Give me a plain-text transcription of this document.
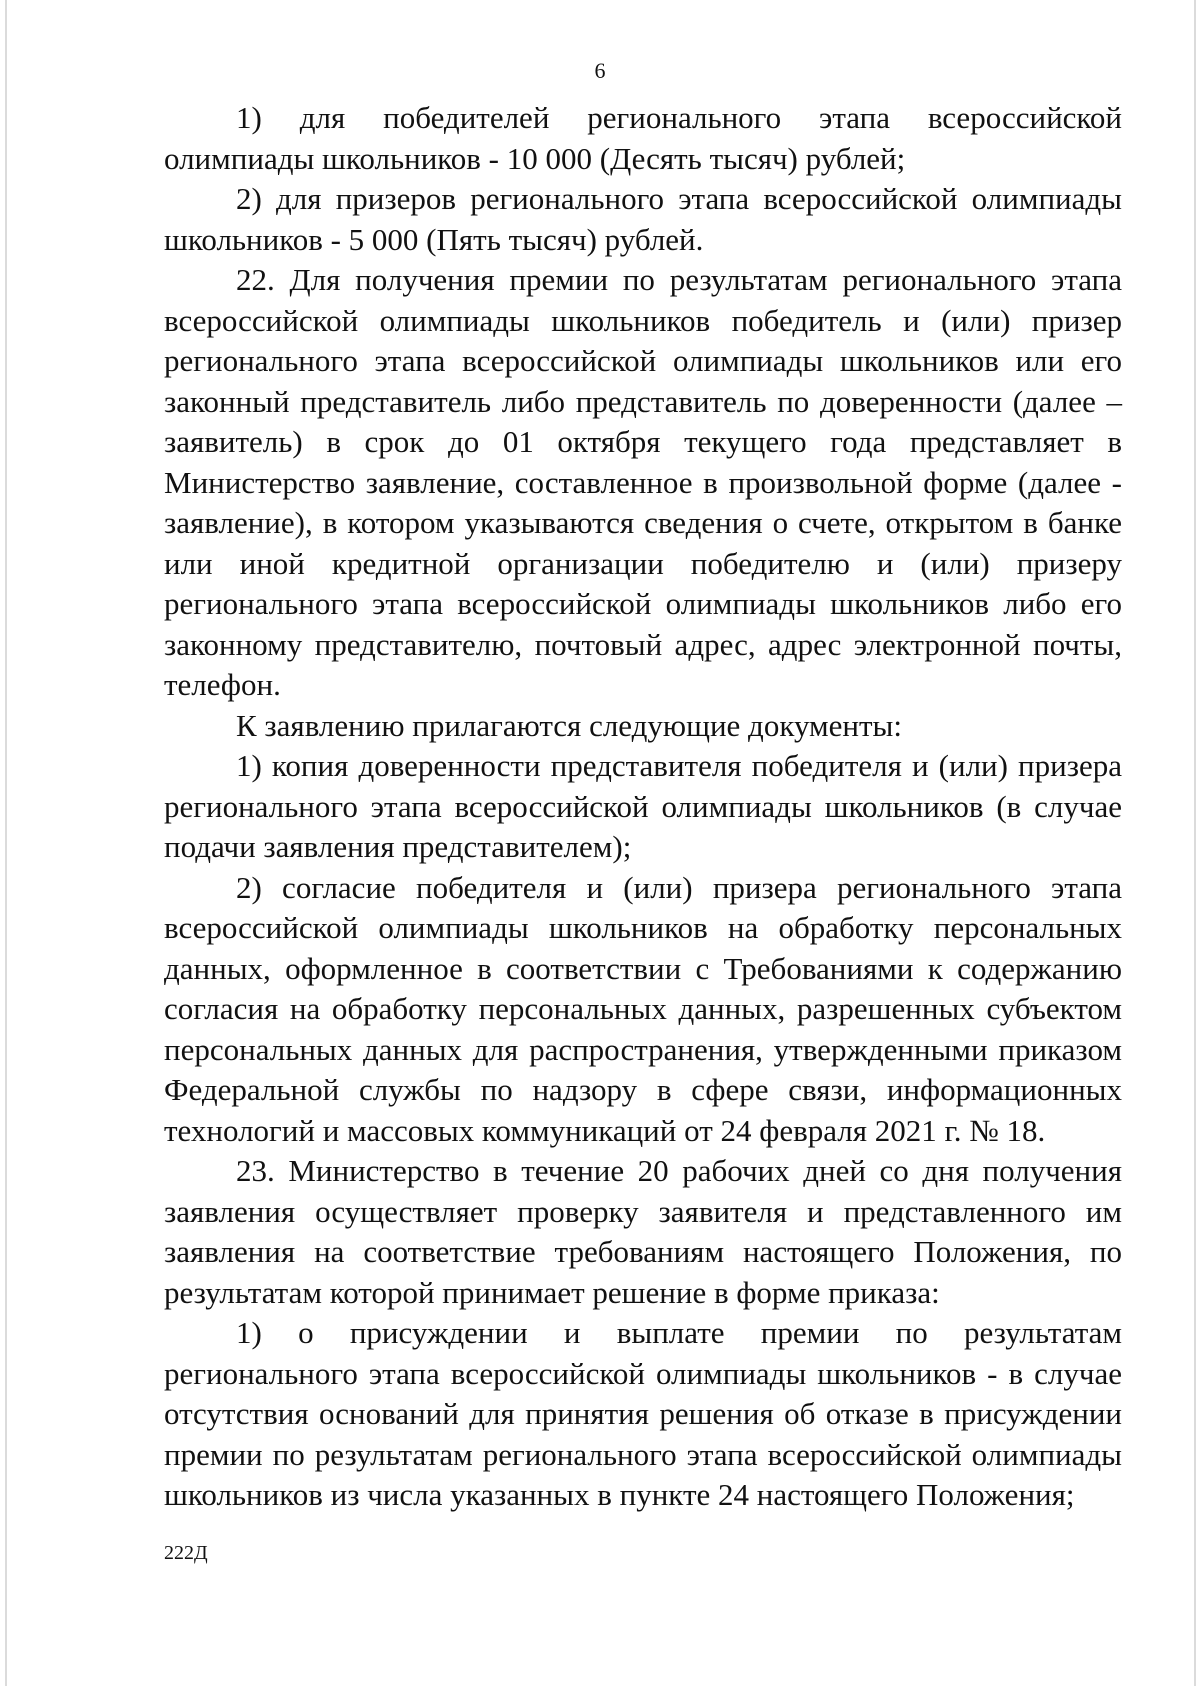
6

1) для победителей регионального этапа всероссийской олимпиады школьников - 10 000 (Десять тысяч) рублей;

2) для призеров регионального этапа всероссийской олимпиады школьников - 5 000 (Пять тысяч) рублей.

22. Для получения премии по результатам регионального этапа всероссийской олимпиады школьников победитель и (или) призер регионального этапа всероссийской олимпиады школьников или его законный представитель либо представитель по доверенности (далее – заявитель) в срок до 01 октября текущего года представляет в Министерство заявление, составленное в произвольной форме (далее - заявление), в котором указываются сведения о счете, открытом в банке или иной кредитной организации победителю и (или) призеру регионального этапа всероссийской олимпиады школьников либо его законному представителю, почтовый адрес, адрес электронной почты, телефон.

К заявлению прилагаются следующие документы:

1) копия доверенности представителя победителя и (или) призера регионального этапа всероссийской олимпиады школьников (в случае подачи заявления представителем);

2) согласие победителя и (или) призера регионального этапа всероссийской олимпиады школьников на обработку персональных данных, оформленное в соответствии с Требованиями к содержанию согласия на обработку персональных данных, разрешенных субъектом персональных данных для распространения, утвержденными приказом Федеральной службы по надзору в сфере связи, информационных технологий и массовых коммуникаций от 24 февраля 2021 г. № 18.

23. Министерство в течение 20 рабочих дней со дня получения заявления осуществляет проверку заявителя и представленного им заявления на соответствие требованиям настоящего Положения, по результатам которой принимает решение в форме приказа:

1) о присуждении и выплате премии по результатам регионального этапа всероссийской олимпиады школьников - в случае отсутствия оснований для принятия решения об отказе в присуждении премии по результатам регионального этапа всероссийской олимпиады школьников из числа указанных в пункте 24 настоящего Положения;

222Д
